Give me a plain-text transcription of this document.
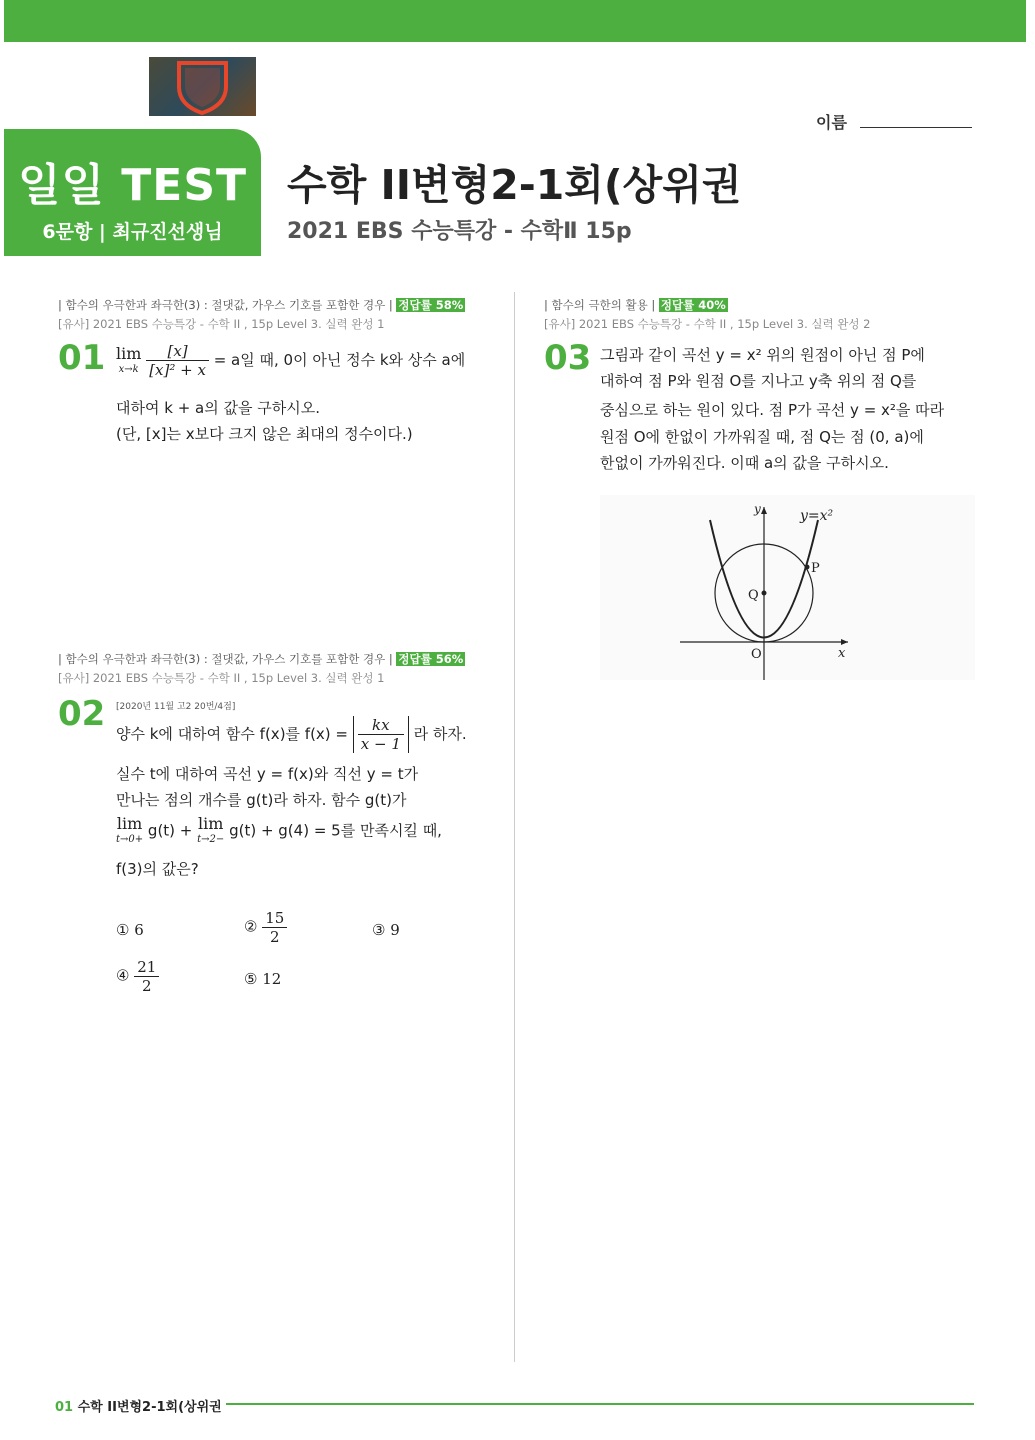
이름
일일 TEST
6문항 | 최규진선생님
수학 II변형2-1회(상위권
2021 EBS 수능특강 - 수학Ⅱ 15p
| 함수의 우극한과 좌극한(3) : 절댓값, 가우스 기호를 포함한 경우 | 정답률 58%
[유사] 2021 EBS 수능특강 - 수학 II , 15p Level 3. 실력 완성 1
01 lim
x→k
$\frac{[x]}{\text{[x]² + x}} = a$일 때, 0이 아닌 정수 k와 상수 a에
대하여 k + a의 값을 구하시오.
(단, [x]는 x보다 크지 않은 최대의 정수이다.)
| 함수의 우극한과 좌극한(3) : 절댓값, 가우스 기호를 포함한 경우 | 정답률 56%
[유사] 2021 EBS 수능특강 - 수학 II , 15p Level 3. 실력 완성 1
02 [2020년 11월 고2 20번/4점]
양수 k에 대하여 함수 f(x)를 $f(x) = \frac{kx}{x - 1}$ 라 하자.
실수 t에 대하여 곡선 y = f(x)와 직선 y = t가
만나는 점의 개수를 g(t)라 하자. 함수 g(t)가
lim
t→0+ g(t) + lim
t→2− g(t) + g(4) = 5를 만족시킬 때,
f(3)의 값은?
① 6	② $\frac{15}{2}$	③ 9
④ $\frac{21}{2}$	⑤ 12
| 함수의 극한의 활용 | 정답률 40%
[유사] 2021 EBS 수능특강 - 수학 II , 15p Level 3. 실력 완성 2
03 그림과 같이 곡선 y = x² 위의 원점이 아닌 점 P에
대하여 점 P와 원점 O를 지나고 y축 위의 점 Q를
중심으로 하는 원이 있다. 점 P가 곡선 y = x²을 따라
원점 O에 한없이 가까워질 때, 점 Q는 점 (0, a)에
한없이 가까워진다. 이때 a의 값을 구하시오.
y=x²
y
x
O
P
Q
01 수학 II변형2-1회(상위권
